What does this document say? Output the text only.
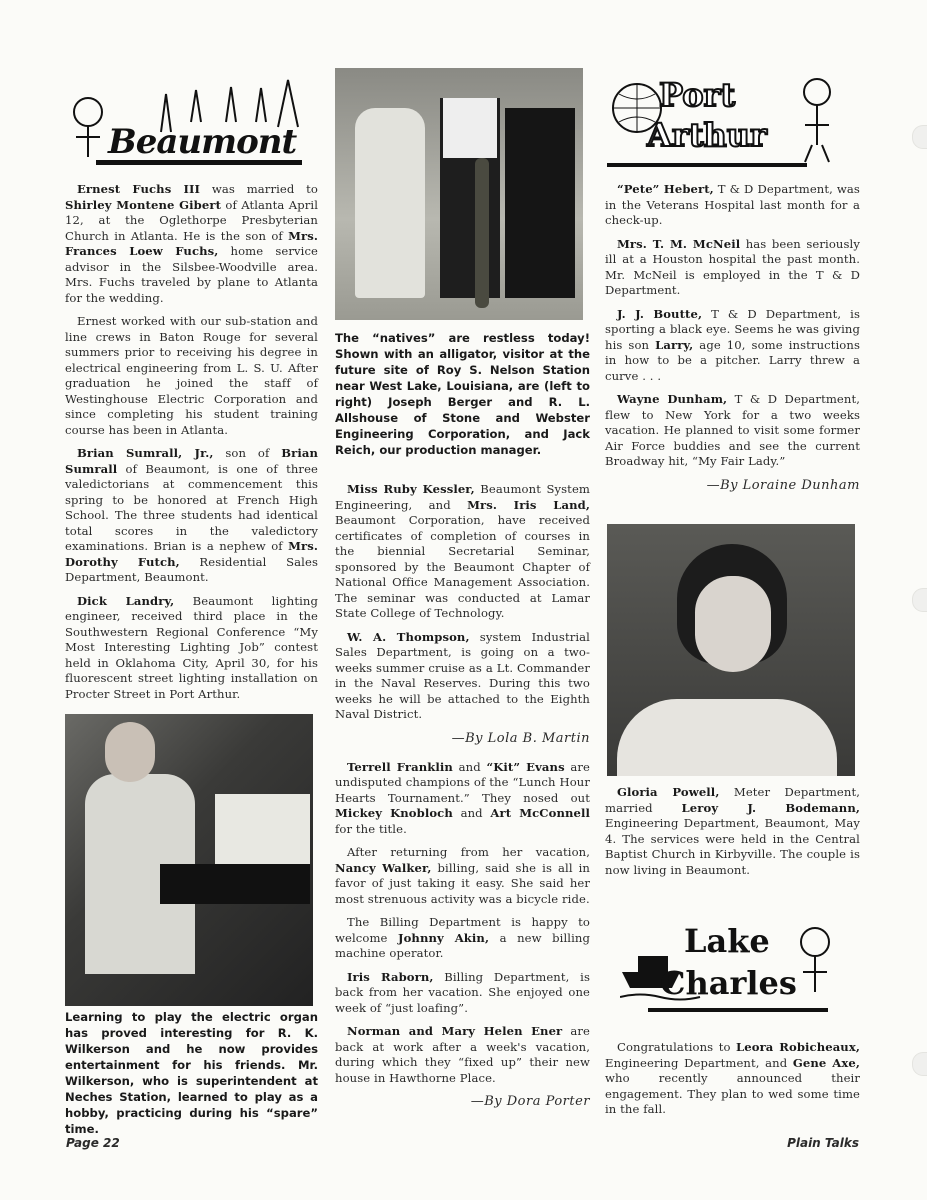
Beaumont

Ernest Fuchs III was married to Shirley Montene Gibert of Atlanta April 12, at the Oglethorpe Presbyterian Church in Atlanta. He is the son of Mrs. Frances Loew Fuchs, home service advisor in the Silsbee-Woodville area. Mrs. Fuchs traveled by plane to Atlanta for the wedding.

Ernest worked with our sub-station and line crews in Baton Rouge for several summers prior to receiving his degree in electrical engineering from L. S. U. After graduation he joined the staff of Westinghouse Electric Corporation and since completing his student training course has been in Atlanta.

Brian Sumrall, Jr., son of Brian Sumrall of Beaumont, is one of three valedictorians at commencement this spring to be honored at French High School. The three students had identical total scores in the valedictory examinations. Brian is a nephew of Mrs. Dorothy Futch, Residential Sales Department, Beaumont.

Dick Landry, Beaumont lighting engineer, received third place in the Southwestern Regional Conference “My Most Interesting Lighting Job” contest held in Oklahoma City, April 30, for his fluorescent street lighting installation on Procter Street in Port Arthur.

Learning to play the electric organ has proved interesting for R. K. Wilkerson and he now provides entertainment for his friends. Mr. Wilkerson, who is superintendent at Neches Station, learned to play as a hobby, practicing during his “spare” time.

The “natives” are restless today! Shown with an alligator, visitor at the future site of Roy S. Nelson Station near West Lake, Louisiana, are (left to right) Joseph Berger and R. L. Allshouse of Stone and Webster Engineering Corporation, and Jack Reich, our production manager.

Miss Ruby Kessler, Beaumont System Engineering, and Mrs. Iris Land, Beaumont Corporation, have received certificates of completion of courses in the biennial Secretarial Seminar, sponsored by the Beaumont Chapter of National Office Management Association. The seminar was conducted at Lamar State College of Technology.

W. A. Thompson, system Industrial Sales Department, is going on a two-weeks summer cruise as a Lt. Commander in the Naval Reserves. During this two weeks he will be attached to the Eighth Naval District.

—By Lola B. Martin

Terrell Franklin and “Kit” Evans are undisputed champions of the “Lunch Hour Hearts Tournament.” They nosed out Mickey Knobloch and Art McConnell for the title.

After returning from her vacation, Nancy Walker, billing, said she is all in favor of just taking it easy. She said her most strenuous activity was a bicycle ride.

The Billing Department is happy to welcome Johnny Akin, a new billing machine operator.

Iris Raborn, Billing Department, is back from her vacation. She enjoyed one week of “just loafing”.

Norman and Mary Helen Ener are back at work after a week's vacation, during which they “fixed up” their new house in Hawthorne Place.

—By Dora Porter

Port
Arthur

“Pete” Hebert, T & D Department, was in the Veterans Hospital last month for a check-up.

Mrs. T. M. McNeil has been seriously ill at a Houston hospital the past month. Mr. McNeil is employed in the T & D Department.

J. J. Boutte, T & D Department, is sporting a black eye. Seems he was giving his son Larry, age 10, some instructions in how to be a pitcher. Larry threw a curve . . .

Wayne Dunham, T & D Department, flew to New York for a two weeks vacation. He planned to visit some former Air Force buddies and see the current Broadway hit, “My Fair Lady.”

—By Loraine Dunham

Gloria Powell, Meter Department, married Leroy J. Bodemann, Engineering Department, Beaumont, May 4. The services were held in the Central Baptist Church in Kirbyville. The couple is now living in Beaumont.

Lake
Charles

Congratulations to Leora Robicheaux, Engineering Department, and Gene Axe, who recently announced their engagement. They plan to wed some time in the fall.

Page 22	Plain Talks
